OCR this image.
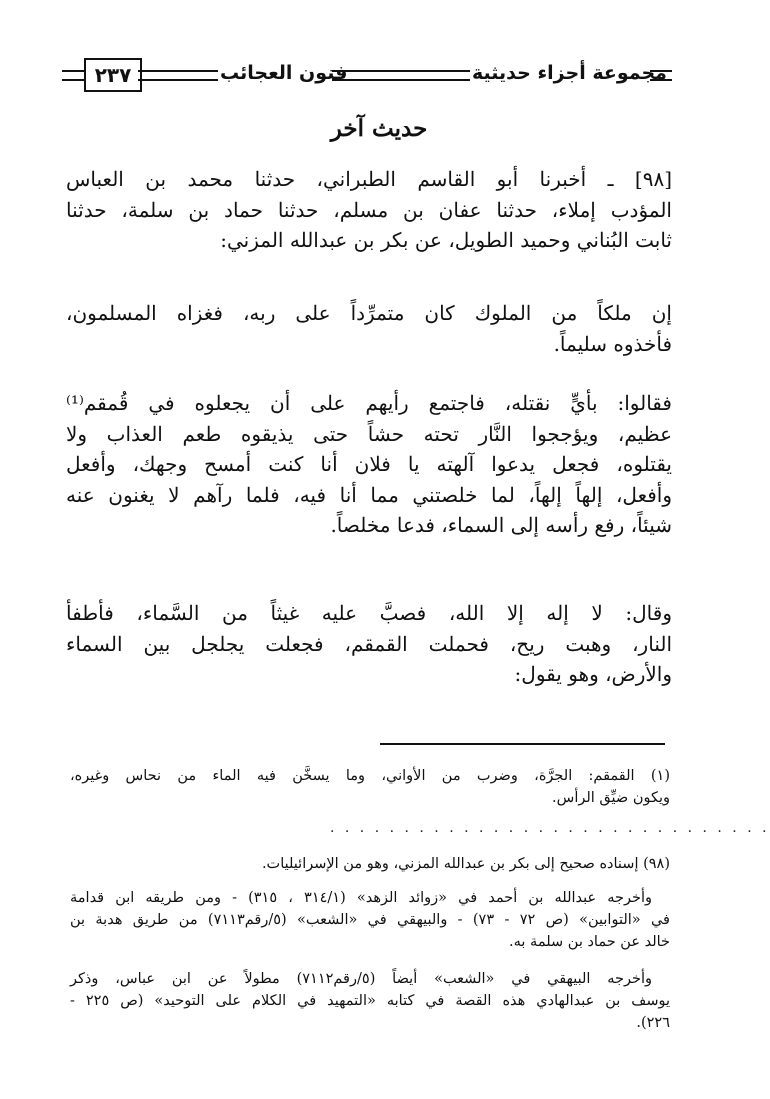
٢٣٧	فنون العجائب	مجموعة أجزاء حديثية
حديث آخر
[٩٨] ـ أخبرنا أبو القاسم الطبراني، حدثنا محمد بن العباس
المؤدب إملاء، حدثنا عفان بن مسلم، حدثنا حماد بن سلمة، حدثنا
ثابت البُناني وحميد الطويل، عن بكر بن عبدالله المزني:
إن ملكاً من الملوك كان متمرِّداً على ربه، فغزاه المسلمون،
فأخذوه سليماً.
فقالوا: بأيٍّ نقتله، فاجتمع رأيهم على أن يجعلوه في قُمقم⁽¹⁾
عظيم، ويؤججوا النَّار تحته حشاً حتى يذيقوه طعم العذاب ولا
يقتلوه، فجعل يدعوا آلهته يا فلان أنا كنت أمسح وجهك، وأفعل
وأفعل، إلهاً إلهاً، لما خلصتني مما أنا فيه، فلما رآهم لا يغنون عنه
شيئاً، رفع رأسه إلى السماء، فدعا مخلصاً.
وقال: لا إله إلا الله، فصبَّ عليه غيثاً من السَّماء، فأطفأ
النار، وهبت ريح، فحملت القمقم، فجعلت يجلجل بين السماء
والأرض، وهو يقول:
(١) القمقم: الجرَّة، وضرب من الأواني، وما يسخَّن فيه الماء من نحاس وغيره،
ويكون ضيِّق الرأس.
· · · · · · · · · · · · · · · · · · · · · · · · · · · · · ·
(٩٨) إسناده صحيح إلى بكر بن عبدالله المزني، وهو من الإسرائيليات.
وأخرجه عبدالله بن أحمد في «زوائد الزهد» (٣١٤/١ ، ٣١٥) - ومن طريقه ابن قدامة
في «التوابين» (ص ٧٢ - ٧٣) - والبيهقي في «الشعب» (٥/رقم٧١١٣) من طريق هدبة بن
خالد عن حماد بن سلمة به.
وأخرجه البيهقي في «الشعب» أيضاً (٥/رقم٧١١٢) مطولاً عن ابن عباس، وذكر
يوسف بن عبدالهادي هذه القصة في كتابه «التمهيد في الكلام على التوحيد» (ص ٢٢٥ -
٢٢٦).
